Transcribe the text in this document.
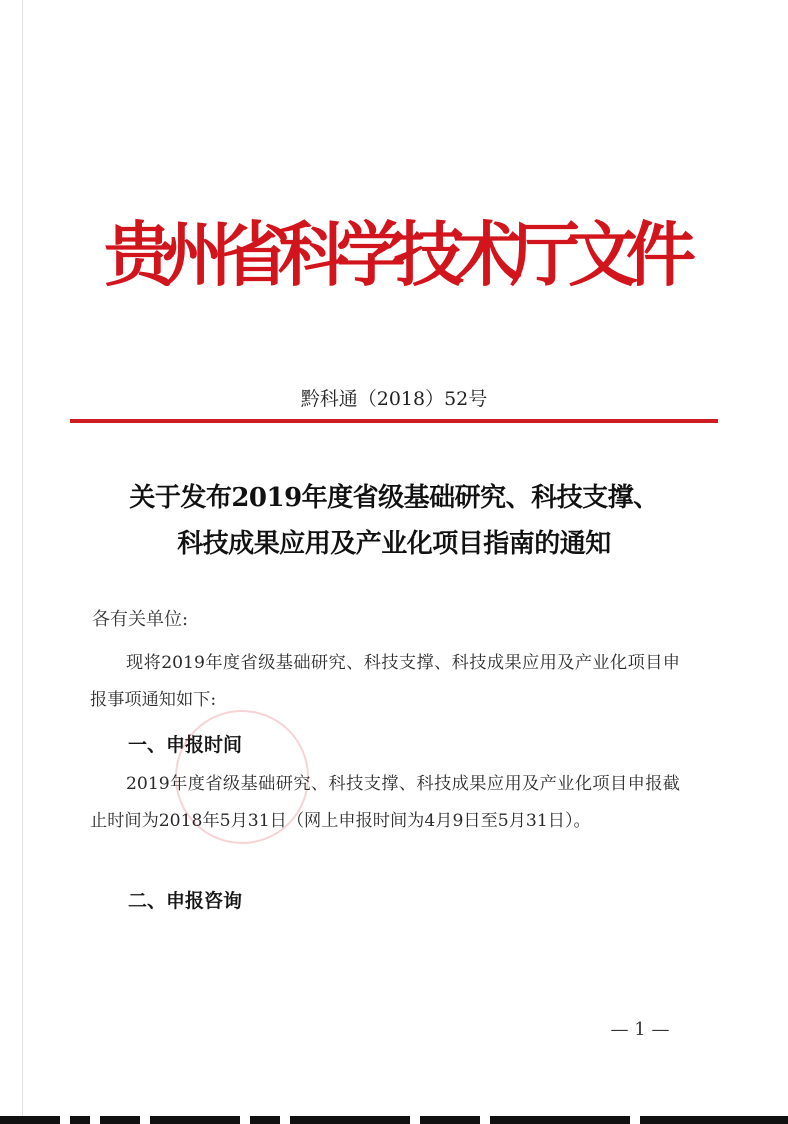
贵州省科学技术厅文件
黔科通（2018）52号
关于发布2019年度省级基础研究、科技支撑、
科技成果应用及产业化项目指南的通知
各有关单位:
现将2019年度省级基础研究、科技支撑、科技成果应用及产业化项目申报事项通知如下:
一、申报时间
2019年度省级基础研究、科技支撑、科技成果应用及产业化项目申报截止时间为2018年5月31日（网上申报时间为4月9日至5月31日）。
二、申报咨询
— 1 —
